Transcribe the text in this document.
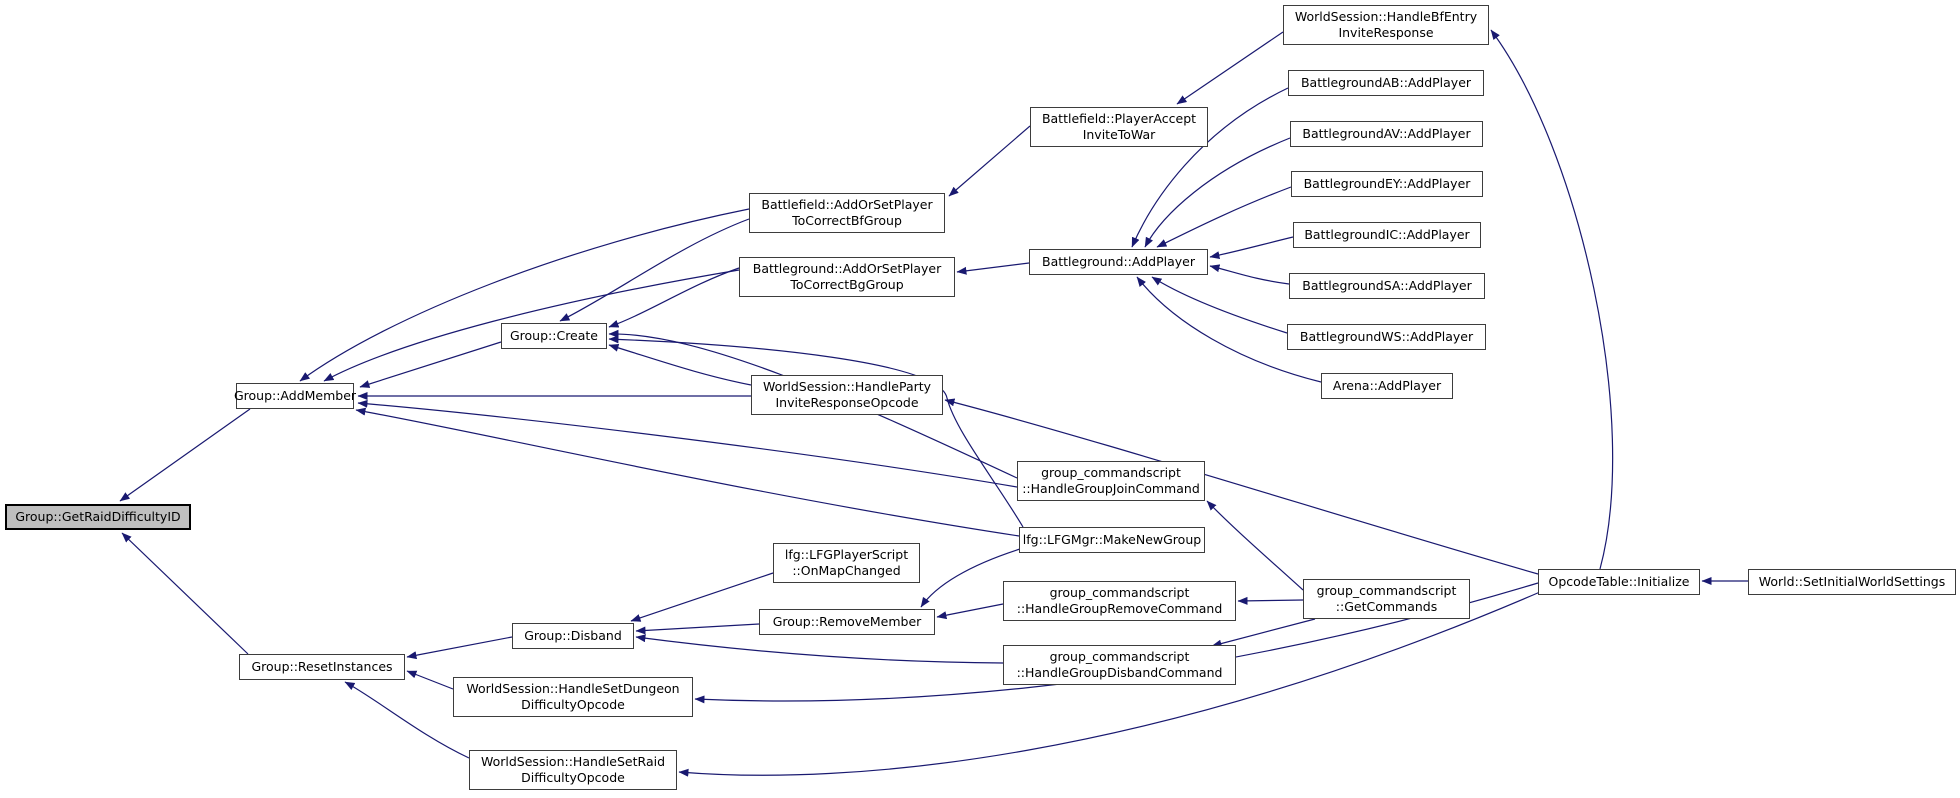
Group::GetRaidDifficultyID
Group::AddMember
Group::Create
Battlefield::AddOrSetPlayer
ToCorrectBfGroup
Battleground::AddOrSetPlayer
ToCorrectBgGroup
Battlefield::PlayerAccept
InviteToWar
WorldSession::HandleBfEntry
InviteResponse
Battleground::AddPlayer
BattlegroundAB::AddPlayer
BattlegroundAV::AddPlayer
BattlegroundEY::AddPlayer
BattlegroundIC::AddPlayer
BattlegroundSA::AddPlayer
BattlegroundWS::AddPlayer
Arena::AddPlayer
WorldSession::HandleParty
InviteResponseOpcode
group_commandscript
::HandleGroupJoinCommand
lfg::LFGMgr::MakeNewGroup
lfg::LFGPlayerScript
::OnMapChanged
Group::RemoveMember
group_commandscript
::HandleGroupRemoveCommand
group_commandscript
::GetCommands
Group::Disband
group_commandscript
::HandleGroupDisbandCommand
Group::ResetInstances
WorldSession::HandleSetDungeon
DifficultyOpcode
WorldSession::HandleSetRaid
DifficultyOpcode
OpcodeTable::Initialize	World::SetInitialWorldSettings
